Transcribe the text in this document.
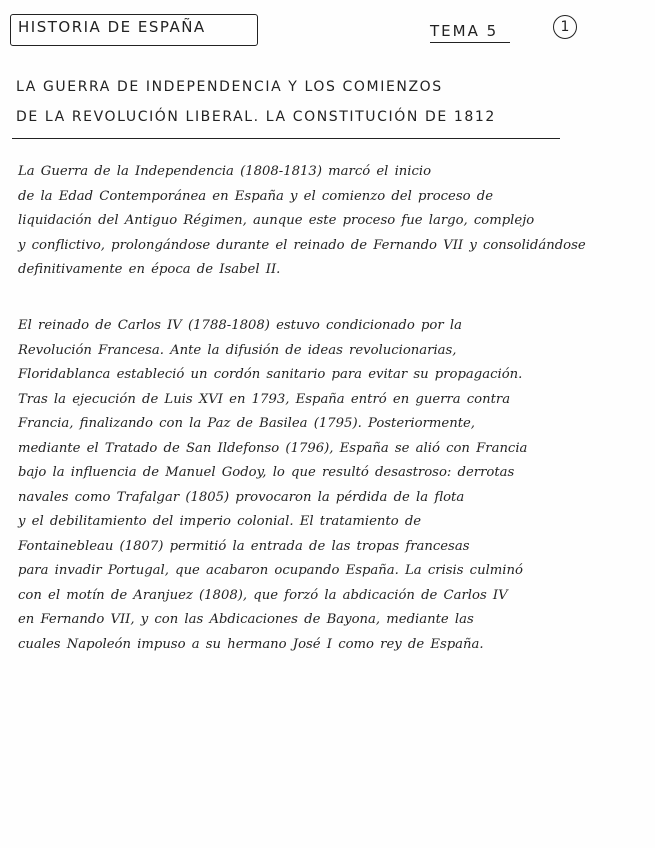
HISTORIA DE ESPAÑA	TEMA 5	1
LA GUERRA DE INDEPENDENCIA Y LOS COMIENZOS
DE LA REVOLUCIÓN LIBERAL. LA CONSTITUCIÓN DE 1812
La Guerra de la Independencia (1808-1813) marcó el inicio
de la Edad Contemporánea en España y el comienzo del proceso de
liquidación del Antiguo Régimen, aunque este proceso fue largo, complejo
y conflictivo, prolongándose durante el reinado de Fernando VII y consolidándose
definitivamente en época de Isabel II.
El reinado de Carlos IV (1788-1808) estuvo condicionado por la
Revolución Francesa. Ante la difusión de ideas revolucionarias,
Floridablanca estableció un cordón sanitario para evitar su propagación.
Tras la ejecución de Luis XVI en 1793, España entró en guerra contra
Francia, finalizando con la Paz de Basilea (1795). Posteriormente,
mediante el Tratado de San Ildefonso (1796), España se alió con Francia
bajo la influencia de Manuel Godoy, lo que resultó desastroso: derrotas
navales como Trafalgar (1805) provocaron la pérdida de la flota
y el debilitamiento del imperio colonial. El tratamiento de
Fontainebleau (1807) permitió la entrada de las tropas francesas
para invadir Portugal, que acabaron ocupando España. La crisis culminó
con el motín de Aranjuez (1808), que forzó la abdicación de Carlos IV
en Fernando VII, y con las Abdicaciones de Bayona, mediante las
cuales Napoleón impuso a su hermano José I como rey de España.
